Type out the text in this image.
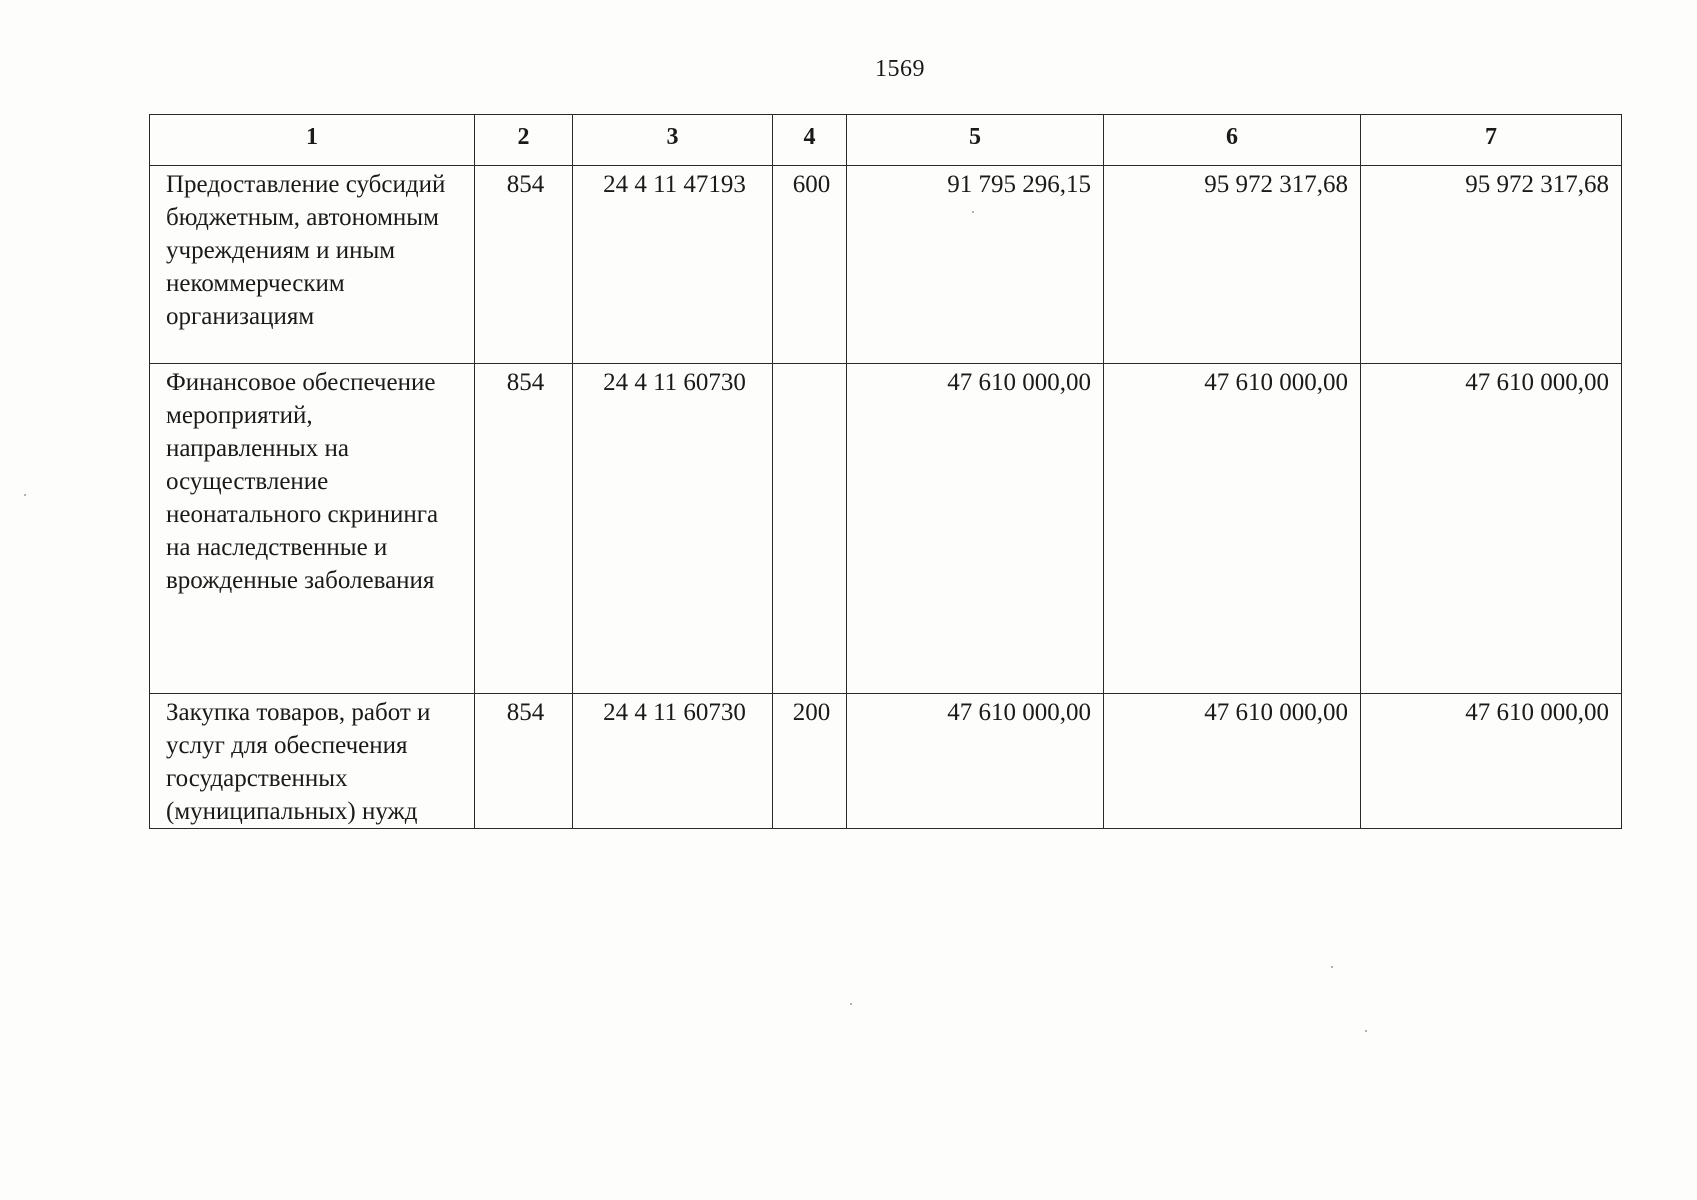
1569
1	2	3	4	5	6	7
Предоставление субсидий бюджетным, автономным учреждениям и иным некоммерческим организациям	854	24 4 11 47193	600	91 795 296,15	95 972 317,68	95 972 317,68
Финансовое обеспечение мероприятий, направленных на осуществление неонатального скрининга на наследственные и врожденные заболевания	854	24 4 11 60730		47 610 000,00	47 610 000,00	47 610 000,00
Закупка товаров, работ и услуг для обеспечения государственных (муниципальных) нужд	854	24 4 11 60730	200	47 610 000,00	47 610 000,00	47 610 000,00
